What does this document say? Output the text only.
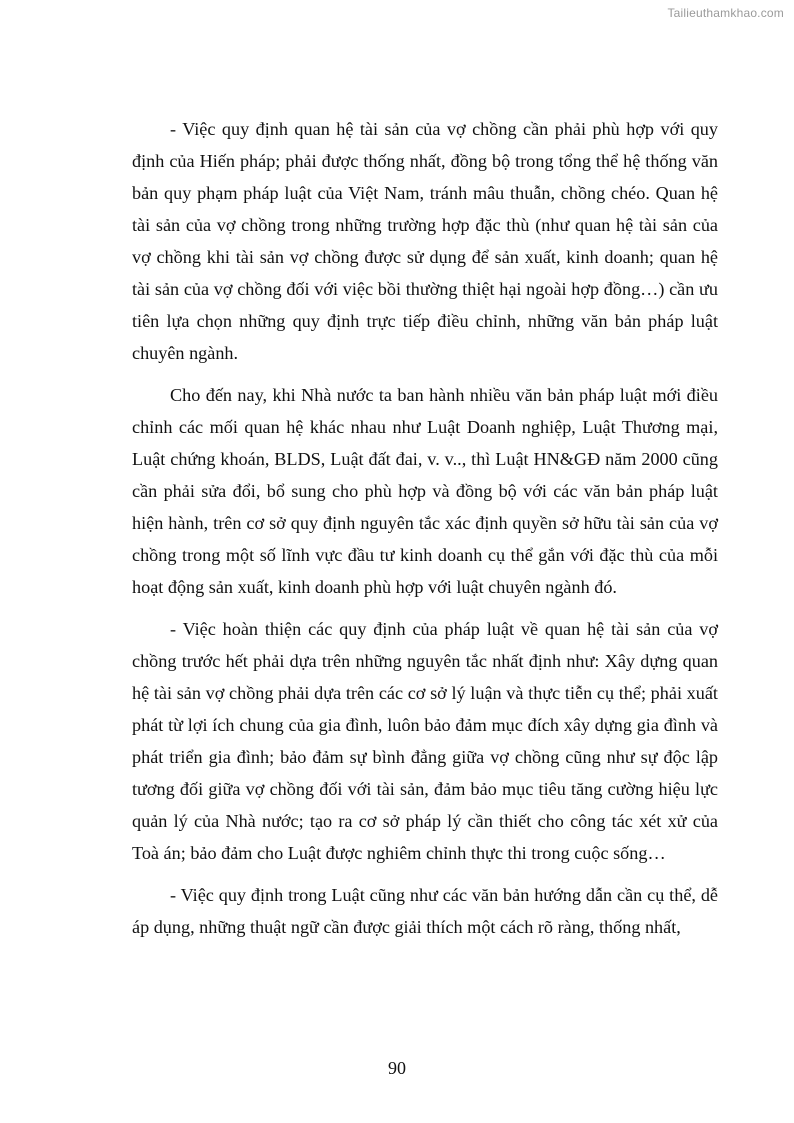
Tailieuthamkhao.com

- Việc quy định quan hệ tài sản của vợ chồng cần phải phù hợp với quy định của Hiến pháp; phải được thống nhất, đồng bộ trong tổng thể hệ thống văn bản quy phạm pháp luật của Việt Nam, tránh mâu thuẫn, chồng chéo. Quan hệ tài sản của vợ chồng trong những trường hợp đặc thù (như quan hệ tài sản của vợ chồng khi tài sản vợ chồng được sử dụng để sản xuất, kinh doanh; quan hệ tài sản của vợ chồng đối với việc bồi thường thiệt hại ngoài hợp đồng…) cần ưu tiên lựa chọn những quy định trực tiếp điều chỉnh, những văn bản pháp luật chuyên ngành.

Cho đến nay, khi Nhà nước ta ban hành nhiều văn bản pháp luật mới điều chỉnh các mối quan hệ khác nhau như Luật Doanh nghiệp, Luật Thương mại, Luật chứng khoán, BLDS, Luật đất đai, v. v.., thì Luật HN&GĐ năm 2000 cũng cần phải sửa đổi, bổ sung cho phù hợp và đồng bộ với các văn bản pháp luật hiện hành, trên cơ sở quy định nguyên tắc xác định quyền sở hữu tài sản của vợ chồng trong một số lĩnh vực đầu tư kinh doanh cụ thể gắn với đặc thù của mỗi hoạt động sản xuất, kinh doanh phù hợp với luật chuyên ngành đó.

- Việc hoàn thiện các quy định của pháp luật về quan hệ tài sản của vợ chồng trước hết phải dựa trên những nguyên tắc nhất định như: Xây dựng quan hệ tài sản vợ chồng phải dựa trên các cơ sở lý luận và thực tiễn cụ thể; phải xuất phát từ lợi ích chung của gia đình, luôn bảo đảm mục đích xây dựng gia đình và phát triển gia đình; bảo đảm sự bình đẳng giữa vợ chồng cũng như sự độc lập tương đối giữa vợ chồng đối với tài sản, đảm bảo mục tiêu tăng cường hiệu lực quản lý của Nhà nước; tạo ra cơ sở pháp lý cần thiết cho công tác xét xử của Toà án; bảo đảm cho Luật được nghiêm chỉnh thực thi trong cuộc sống…

- Việc quy định trong Luật cũng như các văn bản hướng dẫn cần cụ thể, dễ áp dụng, những thuật ngữ cần được giải thích một cách rõ ràng, thống nhất,

90
